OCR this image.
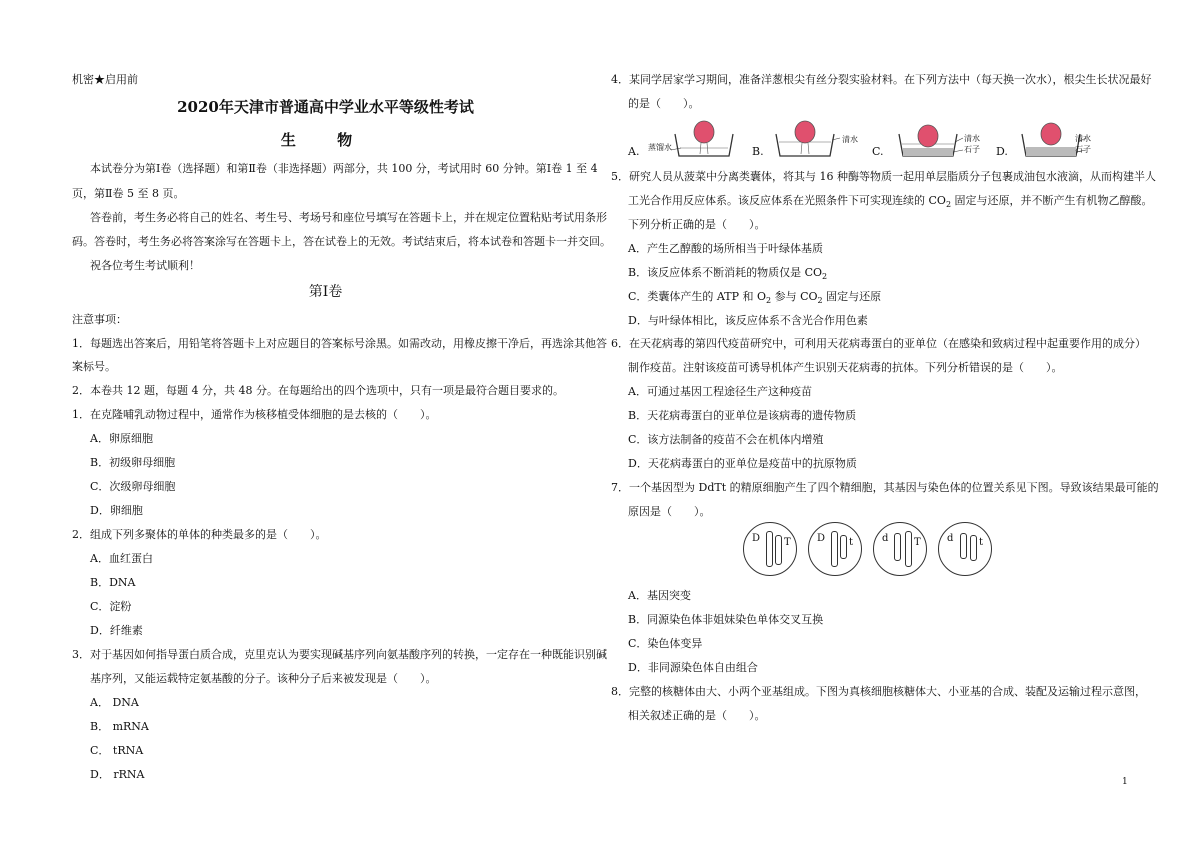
机密★启用前
2020年天津市普通高中学业水平等级性考试
生 物
本试卷分为第Ⅰ卷（选择题）和第Ⅱ卷（非选择题）两部分，共 100 分，考试用时 60 分钟。第Ⅰ卷 1 至 4
页，第Ⅱ卷 5 至 8 页。
答卷前，考生务必将自己的姓名、考生号、考场号和座位号填写在答题卡上，并在规定位置粘贴考试用条形
码。答卷时，考生务必将答案涂写在答题卡上，答在试卷上的无效。考试结束后，将本试卷和答题卡一并交回。
祝各位考生考试顺利！
第Ⅰ卷
注意事项：
1．每题选出答案后，用铅笔将答题卡上对应题目的答案标号涂黑。如需改动，用橡皮擦干净后，再选涂其他答
案标号。
2．本卷共 12 题，每题 4 分，共 48 分。在每题给出的四个选项中，只有一项是最符合题目要求的。
1．在克隆哺乳动物过程中，通常作为核移植受体细胞的是去核的（　　）。
A．卵原细胞
B．初级卵母细胞
C．次级卵母细胞
D．卵细胞
2．组成下列多聚体的单体的种类最多的是（　　）。
A．血红蛋白
B．DNA
C．淀粉
D．纤维素
3．对于基因如何指导蛋白质合成，克里克认为要实现碱基序列向氨基酸序列的转换，一定存在一种既能识别碱
基序列，又能运载特定氨基酸的分子。该种分子后来被发现是（　　）。
A． DNA
B． mRNA
C． tRNA
D． rRNA
4．某同学居家学习期间，准备洋葱根尖有丝分裂实验材料。在下列方法中（每天换一次水），根尖生长状况最好
的是（　　）。
A.	B.	C.	D.
蒸馏水
清水	清水
石子
清水
石子
5．研究人员从菠菜中分离类囊体，将其与 16 种酶等物质一起用单层脂质分子包裹成油包水液滴，从而构建半人
工光合作用反应体系。该反应体系在光照条件下可实现连续的 $CO_2$ 固定与还原，并不断产生有机物乙醇酸。
下列分析正确的是（　　）。
A．产生乙醇酸的场所相当于叶绿体基质
B．该反应体系不断消耗的物质仅是 $CO_2$
C．类囊体产生的 ATP 和 $O_2$ 参与 $CO_2$ 固定与还原
D．与叶绿体相比，该反应体系不含光合作用色素
6．在天花病毒的第四代疫苗研究中，可利用天花病毒蛋白的亚单位（在感染和致病过程中起重要作用的成分）
制作疫苗。注射该疫苗可诱导机体产生识别天花病毒的抗体。下列分析错误的是（　　）。
A．可通过基因工程途径生产这种疫苗
B．天花病毒蛋白的亚单位是该病毒的遗传物质
C．该方法制备的疫苗不会在机体内增殖
D．天花病毒蛋白的亚单位是疫苗中的抗原物质
7．一个基因型为 DdTt 的精原细胞产生了四个精细胞，其基因与染色体的位置关系见下图。导致该结果最可能的
原因是（　　）。
D T	D t	d	T	d	t
A．基因突变
B．同源染色体非姐妹染色单体交叉互换
C．染色体变异
D．非同源染色体自由组合
8．完整的核糖体由大、小两个亚基组成。下图为真核细胞核糖体大、小亚基的合成、装配及运输过程示意图，
相关叙述正确的是（　　）。
1
